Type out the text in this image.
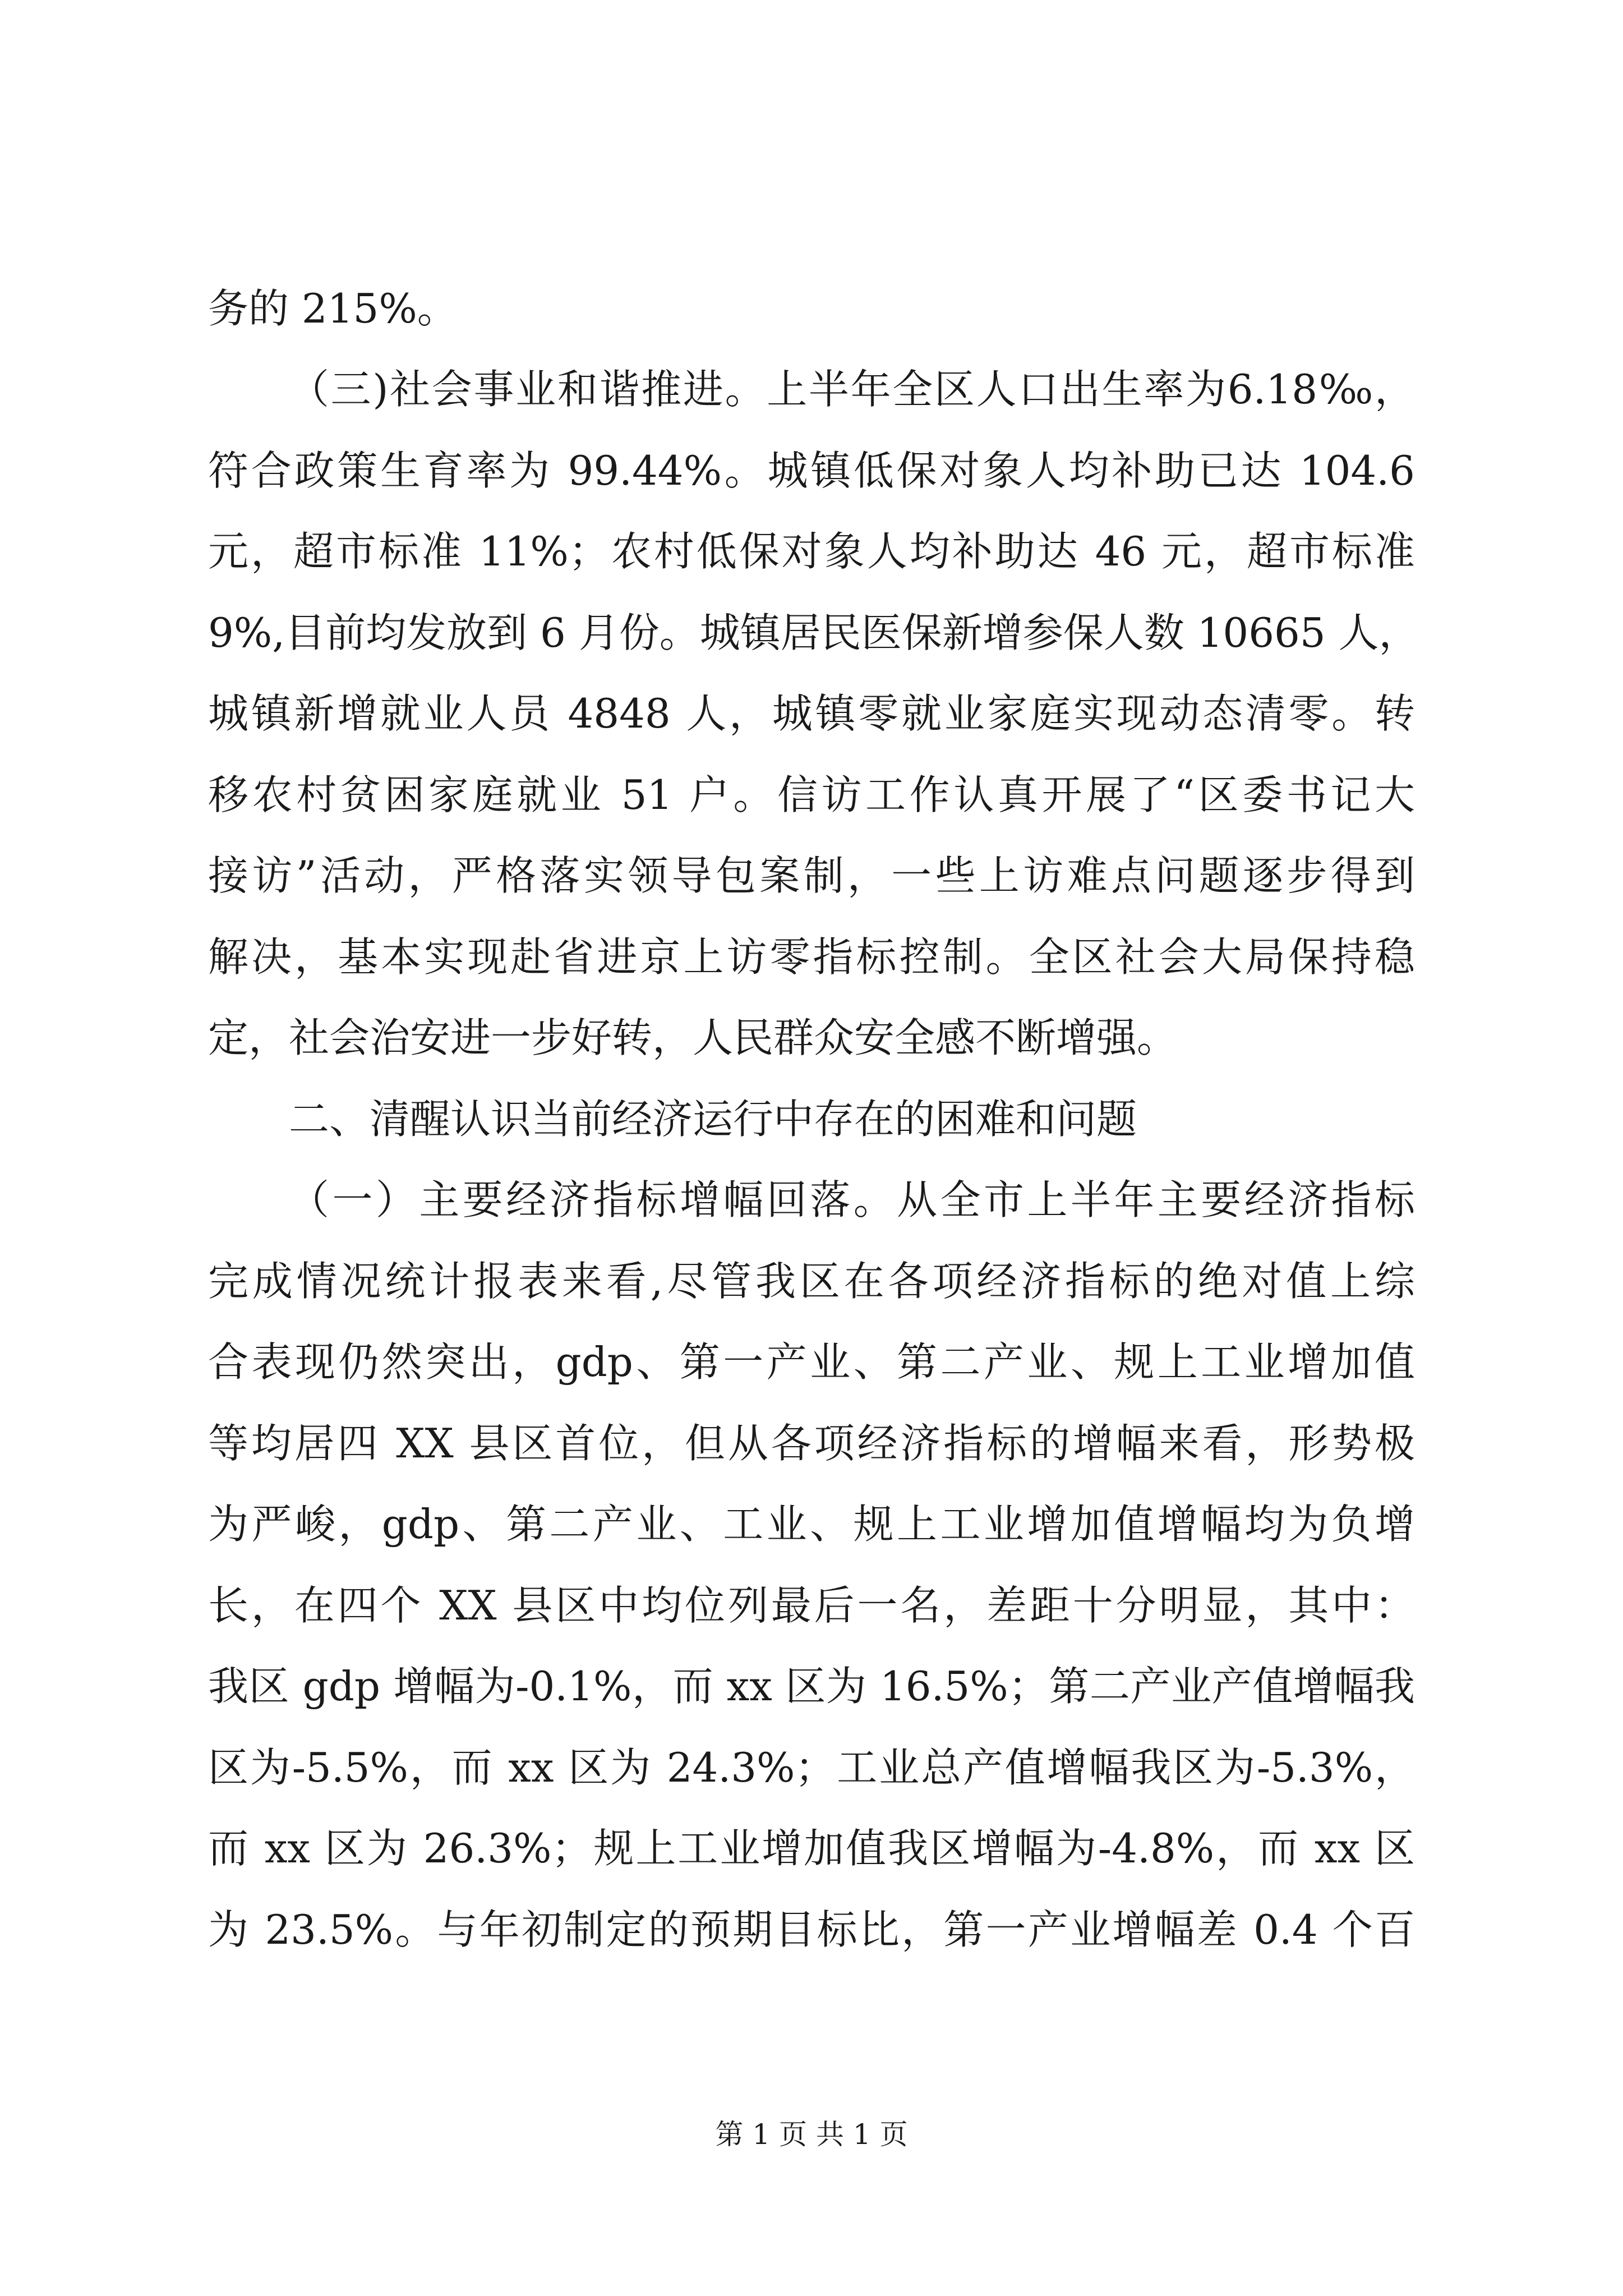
务的 215%。
（三)社会事业和谐推进。上半年全区人口出生率为6.18‰，
符合政策生育率为 99.44%。城镇低保对象人均补助已达 104.6
元，超市标准 11%；农村低保对象人均补助达 46 元，超市标准
9%,目前均发放到 6 月份。城镇居民医保新增参保人数 10665 人，
城镇新增就业人员 4848 人，城镇零就业家庭实现动态清零。转
移农村贫困家庭就业 51 户。信访工作认真开展了“区委书记大
接访”活动，严格落实领导包案制，一些上访难点问题逐步得到
解决，基本实现赴省进京上访零指标控制。全区社会大局保持稳
定，社会治安进一步好转，人民群众安全感不断增强。
二、清醒认识当前经济运行中存在的困难和问题
（一）主要经济指标增幅回落。从全市上半年主要经济指标
完成情况统计报表来看,尽管我区在各项经济指标的绝对值上综
合表现仍然突出，gdp、第一产业、第二产业、规上工业增加值
等均居四 XX 县区首位，但从各项经济指标的增幅来看，形势极
为严峻，gdp、第二产业、工业、规上工业增加值增幅均为负增
长，在四个 XX 县区中均位列最后一名，差距十分明显，其中：
我区 gdp 增幅为-0.1%，而 xx 区为 16.5%；第二产业产值增幅我
区为-5.5%，而 xx 区为 24.3%；工业总产值增幅我区为-5.3%，
而 xx 区为 26.3%；规上工业增加值我区增幅为-4.8%，而 xx 区
为 23.5%。与年初制定的预期目标比，第一产业增幅差 0.4 个百
第 1 页 共 1 页
